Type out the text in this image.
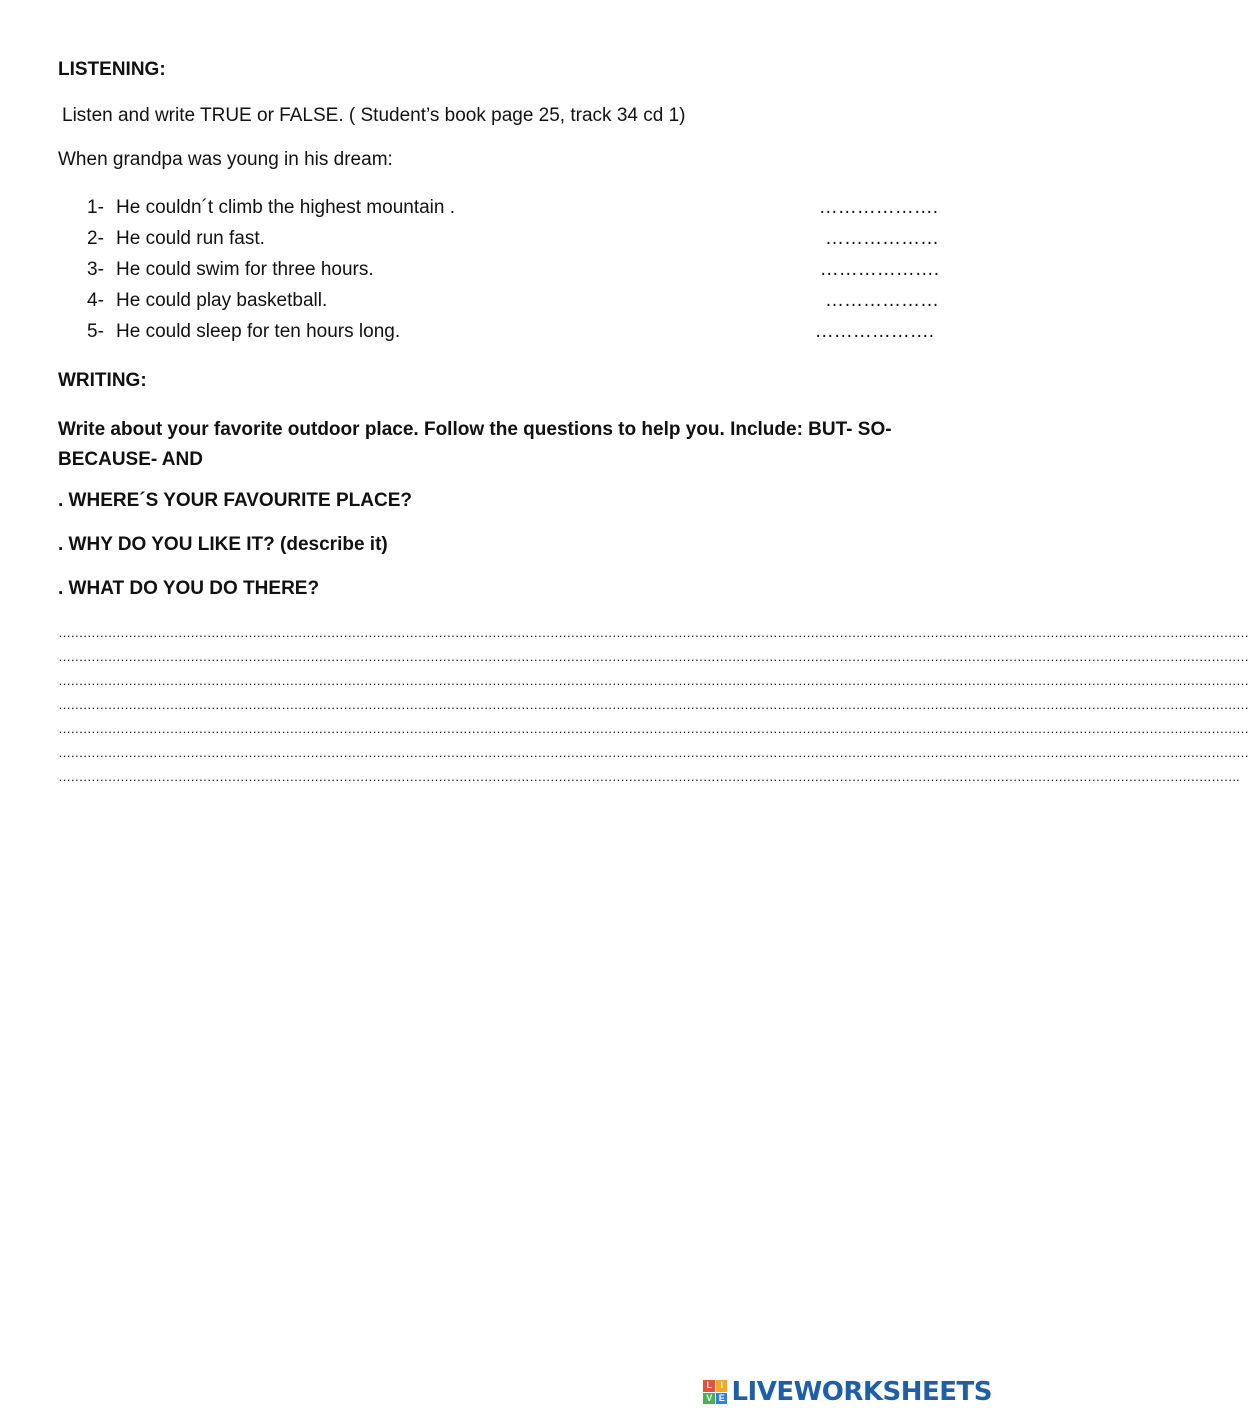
LISTENING:
Listen and write TRUE or FALSE. ( Student’s book page 25, track 34 cd 1)
When grandpa was young in his dream:
1- He couldn´t climb the highest mountain .	……………….
2- He could run fast.	………………
3- He could swim for three hours.	……………….
4- He could play basketball.	………………
5- He could sleep for ten hours long.	……………….
WRITING:
Write about your favorite outdoor place. Follow the questions to help you. Include: BUT- SO- BECAUSE- AND
. WHERE´S YOUR FAVOURITE PLACE?
. WHY DO YOU LIKE IT? (describe it)
. WHAT DO YOU DO THERE?
………………………………………………………………………………………………………………………………………………………………………………………………………………………………………………………………
………………………………………………………………………………………………………………………………………………………………………………………………………………………………………………………………
………………………………………………………………………………………………………………………………………………………………………………………………………………………………………………………………
………………………………………………………………………………………………………………………………………………………………………………………………………………………………………………………………
………………………………………………………………………………………………………………………………………………………………………………………………………………………………………………………………
………………………………………………………………………………………………………………………………………………………………………………………………………………………………………………………………
…………………………………………………………………………………………………………………………………………………………………………………………………………………………………………………………….
L I
V E LIVEWORKSHEETS
